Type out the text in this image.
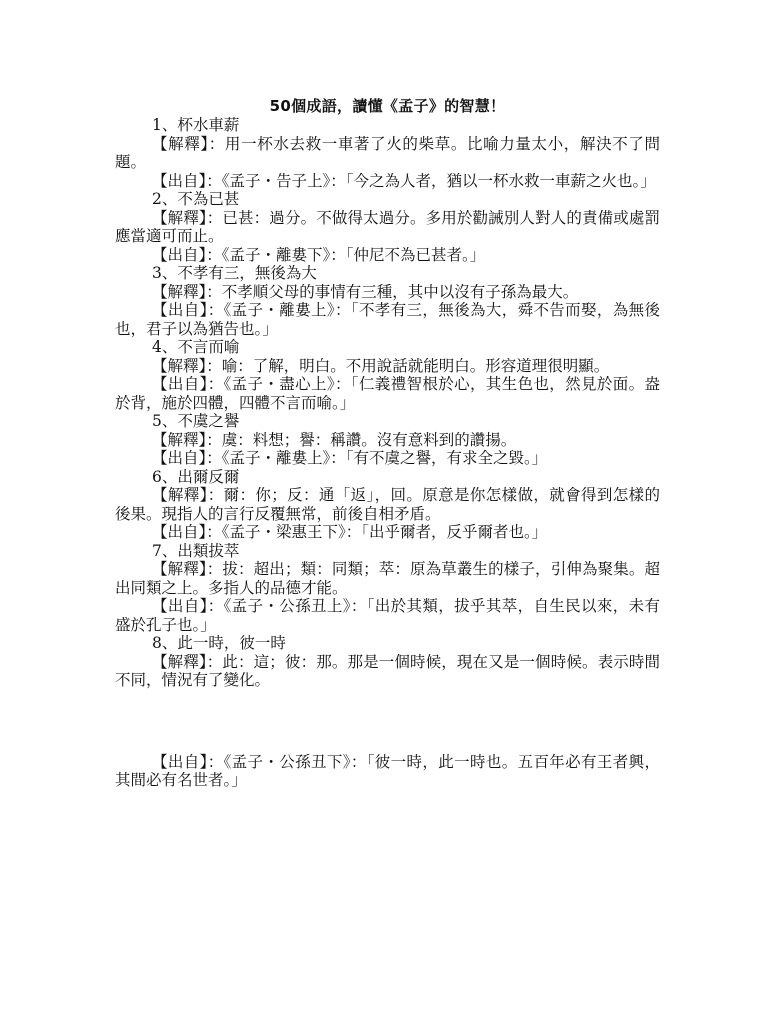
50個成語，讀懂《孟子》的智慧！

1、杯水車薪

【解釋】：用一杯水去救一車著了火的柴草。比喻力量太小，解決不了問題。

【出自】：《孟子・告子上》：「今之為人者，猶以一杯水救一車薪之火也。」

2、不為已甚

【解釋】：已甚：過分。不做得太過分。多用於勸誡別人對人的責備或處罰應當適可而止。

【出自】：《孟子・離婁下》：「仲尼不為已甚者。」

3、不孝有三，無後為大

【解釋】：不孝順父母的事情有三種，其中以沒有子孫為最大。

【出自】：《孟子・離婁上》：「不孝有三，無後為大，舜不告而娶，為無後也，君子以為猶告也。」

4、不言而喻

【解釋】：喻：了解，明白。不用說話就能明白。形容道理很明顯。

【出自】：《孟子・盡心上》：「仁義禮智根於心，其生色也，然見於面。盎於背，施於四體，四體不言而喻。」

5、不虞之譽

【解釋】：虞：料想；譽：稱讚。沒有意料到的讚揚。

【出自】：《孟子・離婁上》：「有不虞之譽，有求全之毀。」

6、出爾反爾

【解釋】：爾：你；反：通「返」，回。原意是你怎樣做，就會得到怎樣的後果。現指人的言行反覆無常，前後自相矛盾。

【出自】：《孟子・梁惠王下》：「出乎爾者，反乎爾者也。」

7、出類拔萃

【解釋】：拔：超出；類：同類；萃：原為草叢生的樣子，引伸為聚集。超出同類之上。多指人的品德才能。

【出自】：《孟子・公孫丑上》：「出於其類，拔乎其萃，自生民以來，未有盛於孔子也。」

8、此一時，彼一時

【解釋】：此：這；彼：那。那是一個時候，現在又是一個時候。表示時間不同，情況有了變化。

【出自】：《孟子・公孫丑下》：「彼一時，此一時也。五百年必有王者興，其間必有名世者。」
